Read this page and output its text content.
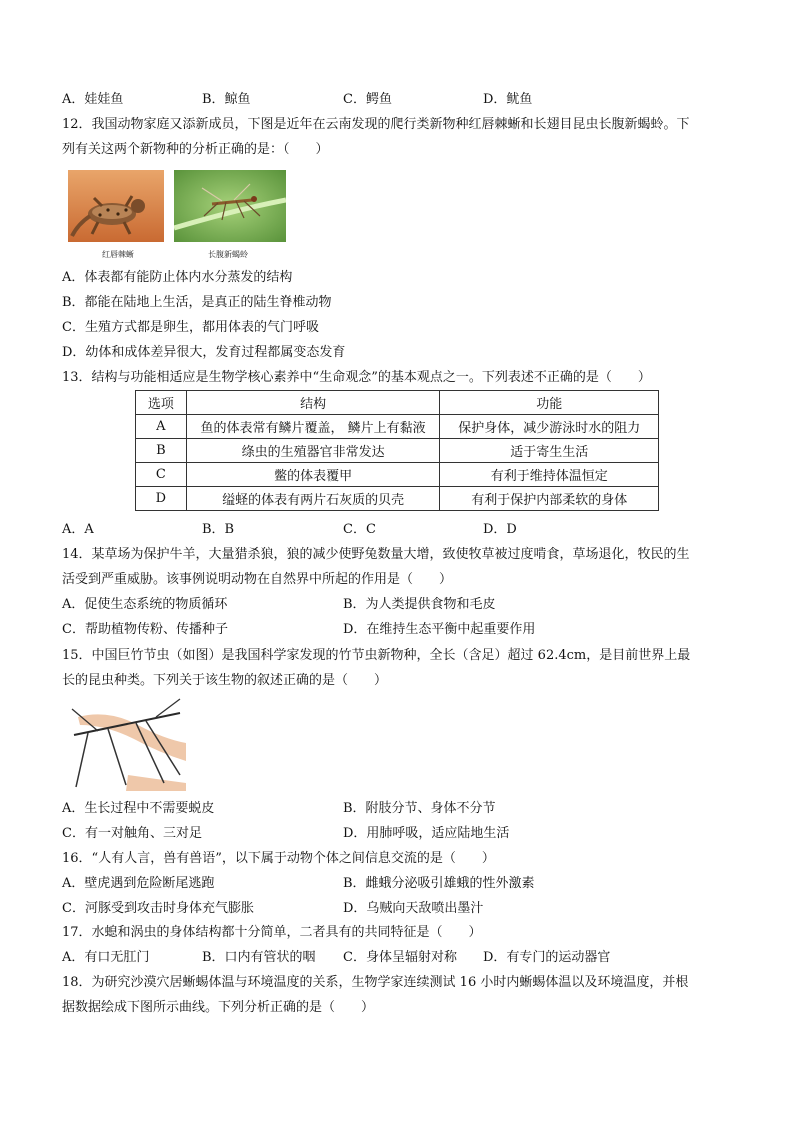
A．娃娃鱼	B．鲸鱼	C．鳄鱼	D．鱿鱼
12．我国动物家庭又添新成员，下图是近年在云南发现的爬行类新物种红唇棘蜥和长翅目昆虫长腹新蝎蛉。下
列有关这两个新物种的分析正确的是：（　　）
红唇棘蜥	长腹新蝎蛉
A．体表都有能防止体内水分蒸发的结构
B．都能在陆地上生活，是真正的陆生脊椎动物
C．生殖方式都是卵生，都用体表的气门呼吸
D．幼体和成体差异很大，发育过程都属变态发育
13．结构与功能相适应是生物学核心素养中“生命观念”的基本观点之一。下列表述不正确的是（　　）
选项	结构	功能
A	鱼的体表常有鳞片覆盖， 鳞片上有黏液	保护身体，减少游泳时水的阻力
B	绦虫的生殖器官非常发达	适于寄生生活
C	鳖的体表覆甲	有利于维持体温恒定
D	缢蛏的体表有两片石灰质的贝壳	有利于保护内部柔软的身体
A．A	B．B	C．C	D．D
14．某草场为保护牛羊，大量猎杀狼，狼的减少使野兔数量大增，致使牧草被过度啃食，草场退化，牧民的生
活受到严重威胁。该事例说明动物在自然界中所起的作用是（　　）
A．促使生态系统的物质循环	B．为人类提供食物和毛皮
C．帮助植物传粉、传播种子	D．在维持生态平衡中起重要作用
15．中国巨竹节虫（如图）是我国科学家发现的竹节虫新物种，全长（含足）超过 62.4cm，是目前世界上最
长的昆虫种类。下列关于该生物的叙述正确的是（　　）
A．生长过程中不需要蜕皮	B．附肢分节、身体不分节
C．有一对触角、三对足	D．用肺呼吸，适应陆地生活
16．“人有人言，兽有兽语”，以下属于动物个体之间信息交流的是（　　）
A．壁虎遇到危险断尾逃跑	B．雌蛾分泌吸引雄蛾的性外激素
C．河豚受到攻击时身体充气膨胀	D．乌贼向天敌喷出墨汁
17．水螅和涡虫的身体结构都十分简单，二者具有的共同特征是（　　）
A．有口无肛门	B．口内有管状的咽 C．身体呈辐射对称 D．有专门的运动器官
18．为研究沙漠穴居蜥蜴体温与环境温度的关系，生物学家连续测试 16 小时内蜥蜴体温以及环境温度，并根
据数据绘成下图所示曲线。下列分析正确的是（　　）
